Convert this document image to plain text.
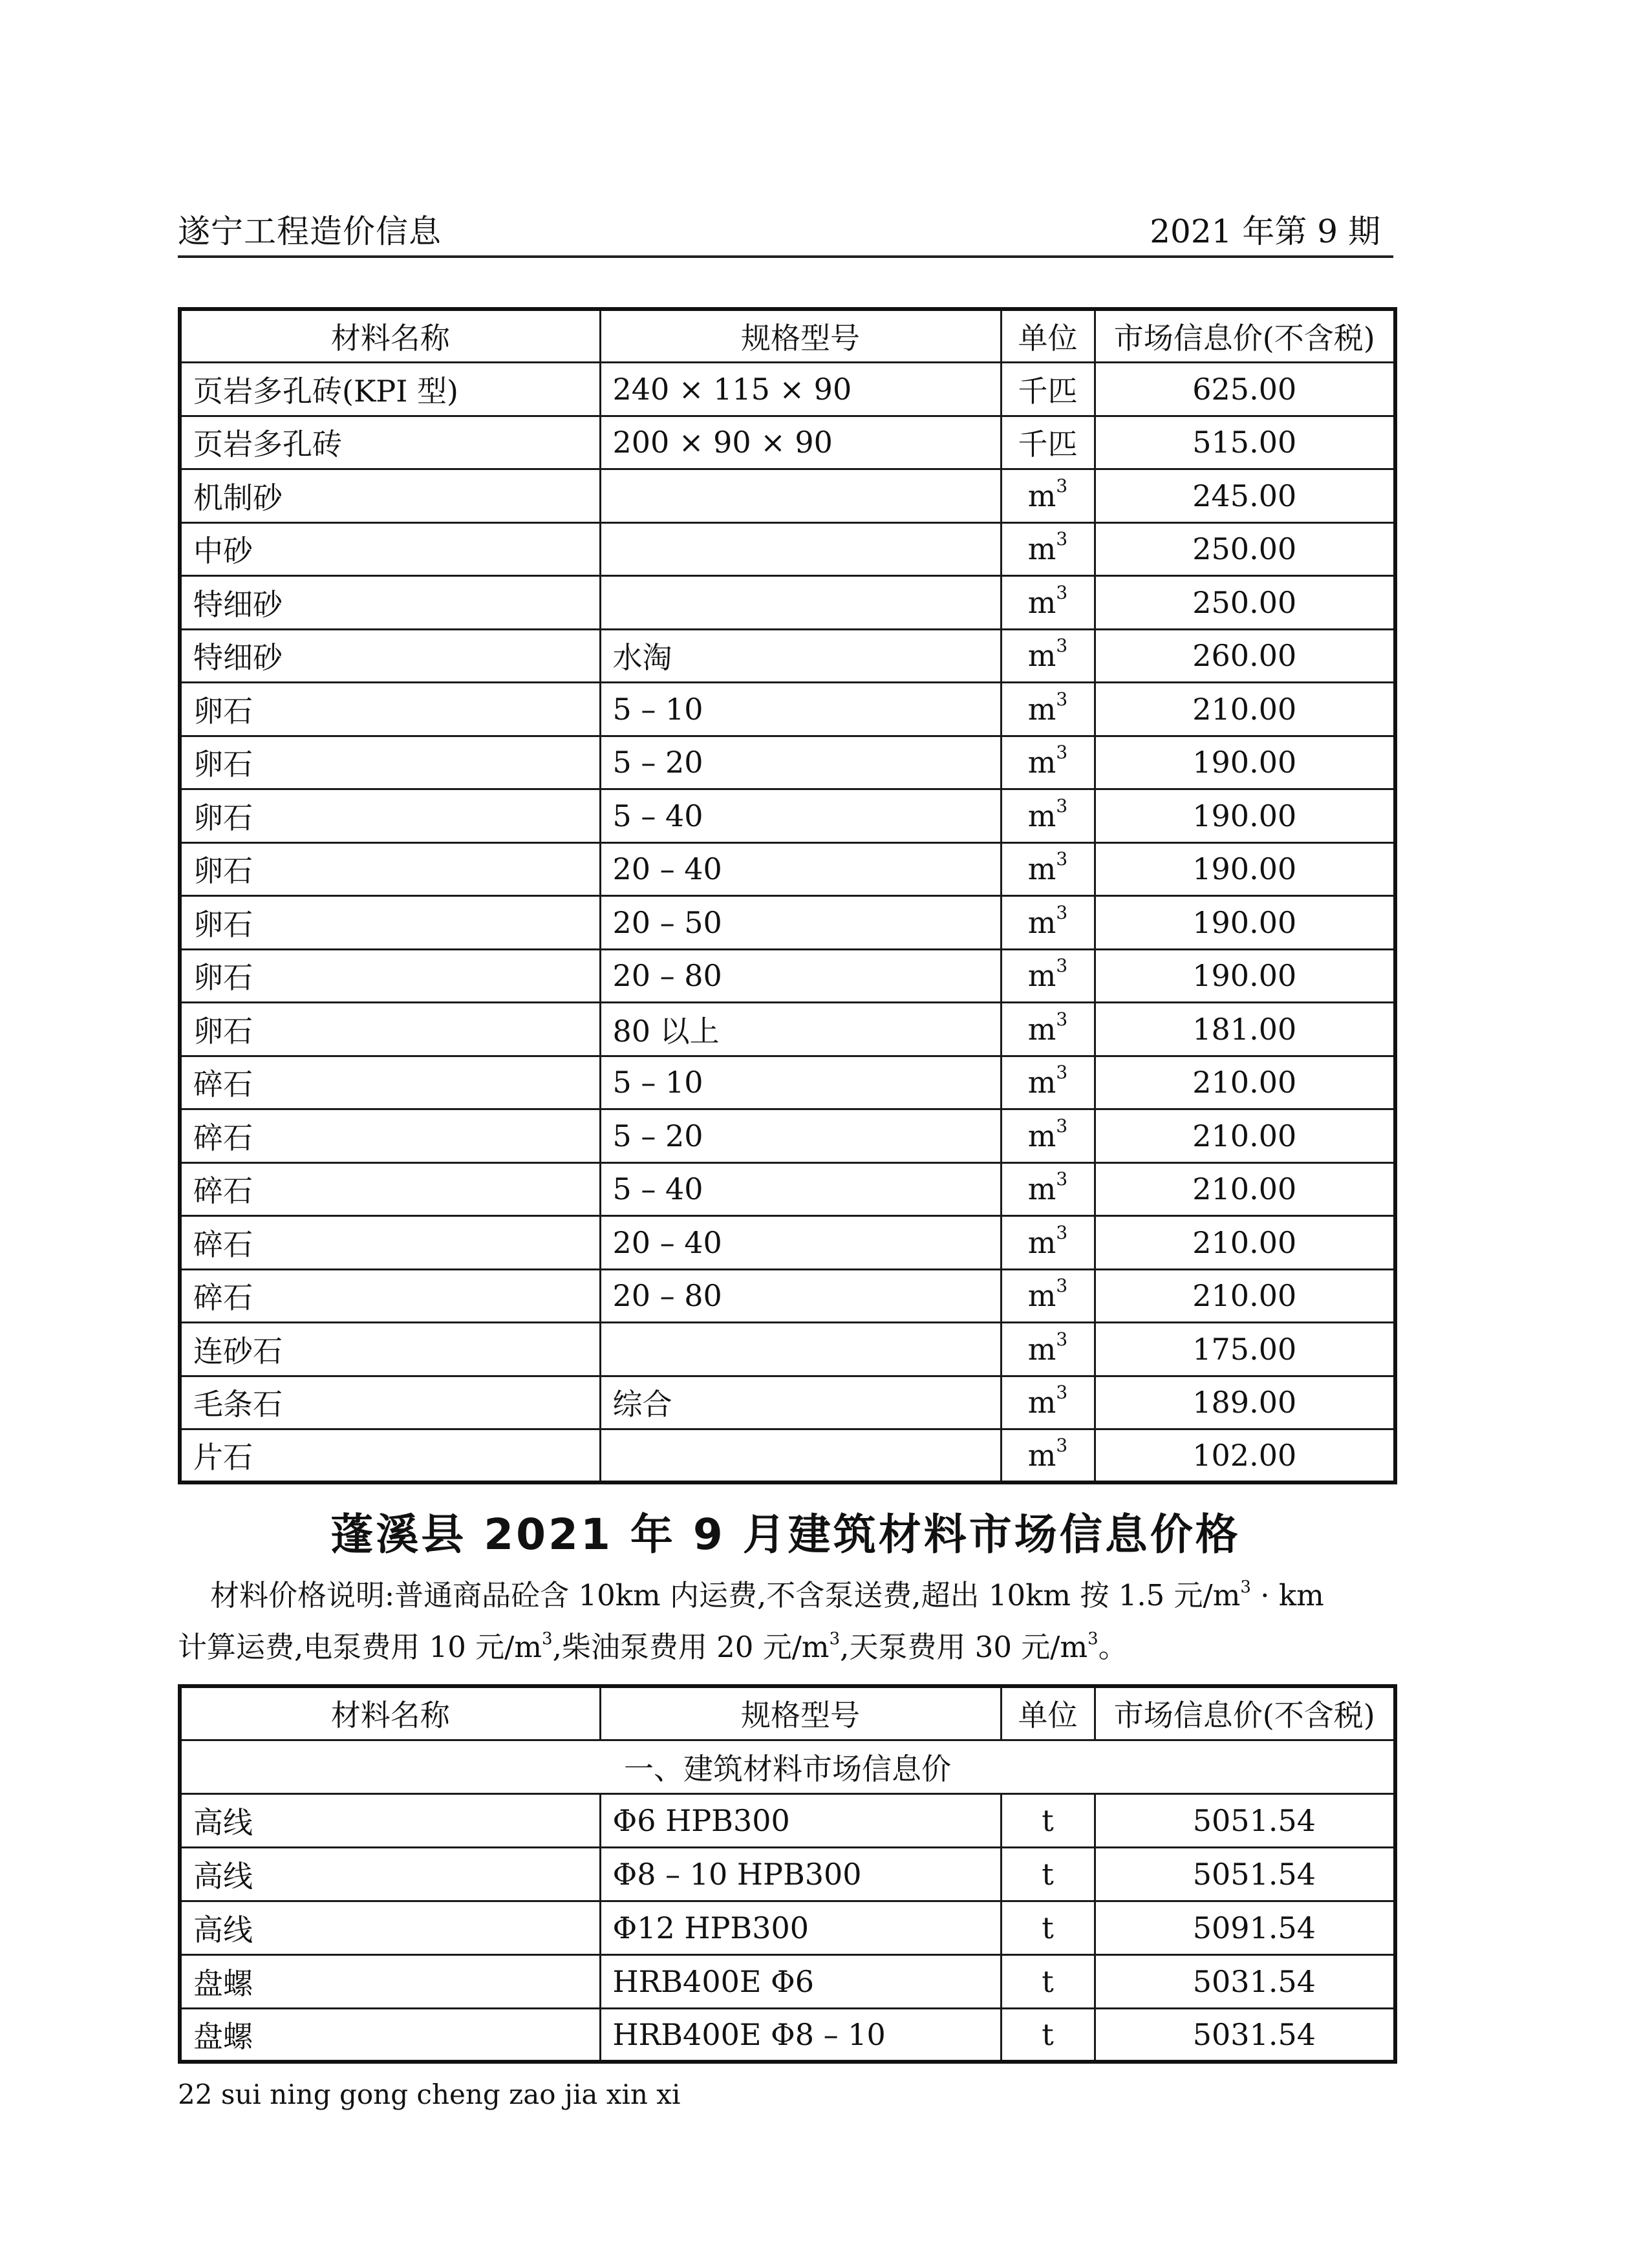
遂宁工程造价信息	2021 年第 9 期
材料名称	规格型号	单位	市场信息价(不含税)
页岩多孔砖(KPI 型)	240 × 115 × 90	千匹	625.00
页岩多孔砖	200 × 90 × 90	千匹	515.00
机制砂		$m^3$	245.00
中砂		$m^3$	250.00
特细砂		$m^3$	250.00
特细砂	水淘	$m^3$	260.00
卵石	5 – 10	$m^3$	210.00
卵石	5 – 20	$m^3$	190.00
卵石	5 – 40	$m^3$	190.00
卵石	20 – 40	$m^3$	190.00
卵石	20 – 50	$m^3$	190.00
卵石	20 – 80	$m^3$	190.00
卵石	80 以上	$m^3$	181.00
碎石	5 – 10	$m^3$	210.00
碎石	5 – 20	$m^3$	210.00
碎石	5 – 40	$m^3$	210.00
碎石	20 – 40	$m^3$	210.00
碎石	20 – 80	$m^3$	210.00
连砂石		$m^3$	175.00
毛条石	综合	$m^3$	189.00
片石		$m^3$	102.00
蓬溪县 2021 年 9 月建筑材料市场信息价格

材料价格说明:普通商品砼含 10km 内运费,不含泵送费,超出 10km 按 1.5 元$/m^3$ · km

计算运费,电泵费用 10 元$/m^3$,柴油泵费用 20 元$/m^3$,天泵费用 30 元$/m^3$。

材料名称	规格型号	单位	市场信息价(不含税)
一、建筑材料市场信息价			
高线	Φ6 HPB300	t	5051.54
高线	Φ8 – 10 HPB300	t	5051.54
高线	Φ12 HPB300	t	5091.54
盘螺	HRB400E Φ6	t	5031.54
盘螺	HRB400E Φ8 – 10	t	5031.54
22 sui ning gong cheng zao jia xin xi
